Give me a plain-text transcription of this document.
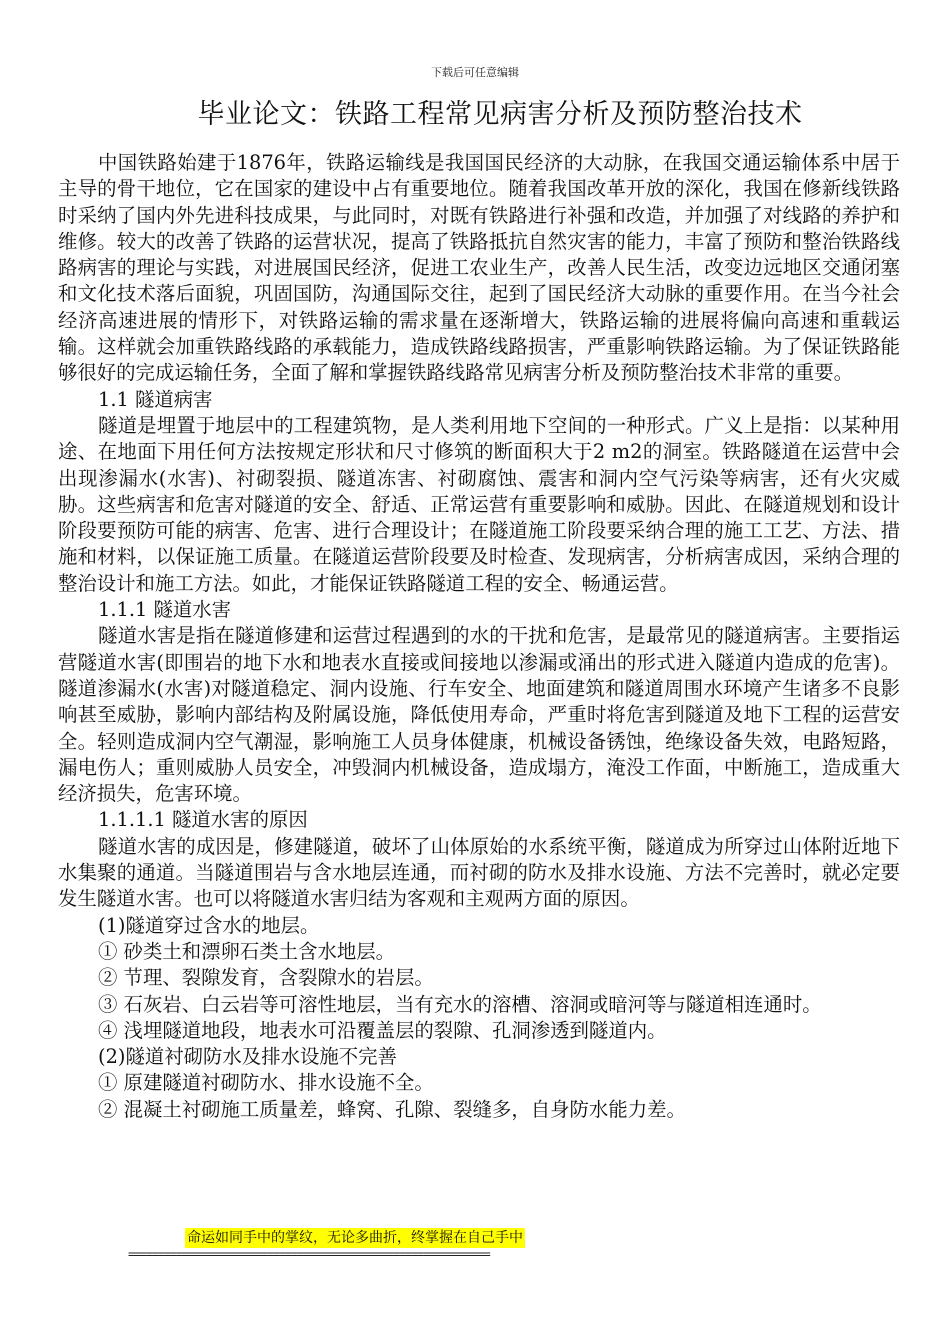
下载后可任意编辑
毕业论文：铁路工程常见病害分析及预防整治技术

中国铁路始建于1876年，铁路运输线是我国国民经济的大动脉，在我国交通运输体系中居于主导的骨干地位，它在国家的建设中占有重要地位。随着我国改革开放的深化，我国在修新线铁路时采纳了国内外先进科技成果，与此同时，对既有铁路进行补强和改造，并加强了对线路的养护和维修。较大的改善了铁路的运营状况，提高了铁路抵抗自然灾害的能力，丰富了预防和整治铁路线路病害的理论与实践，对进展国民经济，促进工农业生产，改善人民生活，改变边远地区交通闭塞和文化技术落后面貌，巩固国防，沟通国际交往，起到了国民经济大动脉的重要作用。在当今社会经济高速进展的情形下，对铁路运输的需求量在逐渐增大，铁路运输的进展将偏向高速和重载运输。这样就会加重铁路线路的承载能力，造成铁路线路损害，严重影响铁路运输。为了保证铁路能够很好的完成运输任务，全面了解和掌握铁路线路常见病害分析及预防整治技术非常的重要。

1.1 隧道病害

隧道是埋置于地层中的工程建筑物，是人类利用地下空间的一种形式。广义上是指：以某种用途、在地面下用任何方法按规定形状和尺寸修筑的断面积大于2 m2的洞室。铁路隧道在运营中会出现渗漏水(水害)、衬砌裂损、隧道冻害、衬砌腐蚀、震害和洞内空气污染等病害，还有火灾威胁。这些病害和危害对隧道的安全、舒适、正常运营有重要影响和威胁。因此、在隧道规划和设计阶段要预防可能的病害、危害、进行合理设计；在隧道施工阶段要采纳合理的施工工艺、方法、措施和材料，以保证施工质量。在隧道运营阶段要及时检查、发现病害，分析病害成因，采纳合理的整治设计和施工方法。如此，才能保证铁路隧道工程的安全、畅通运营。

1.1.1 隧道水害

隧道水害是指在隧道修建和运营过程遇到的水的干扰和危害，是最常见的隧道病害。主要指运营隧道水害(即围岩的地下水和地表水直接或间接地以渗漏或涌出的形式进入隧道内造成的危害)。隧道渗漏水(水害)对隧道稳定、洞内设施、行车安全、地面建筑和隧道周围水环境产生诸多不良影响甚至威胁，影响内部结构及附属设施，降低使用寿命，严重时将危害到隧道及地下工程的运营安全。轻则造成洞内空气潮湿，影响施工人员身体健康，机械设备锈蚀，绝缘设备失效，电路短路，漏电伤人；重则威胁人员安全，冲毁洞内机械设备，造成塌方，淹没工作面，中断施工，造成重大经济损失，危害环境。

1.1.1.1 隧道水害的原因

隧道水害的成因是，修建隧道，破坏了山体原始的水系统平衡，隧道成为所穿过山体附近地下水集聚的通道。当隧道围岩与含水地层连通，而衬砌的防水及排水设施、方法不完善时，就必定要发生隧道水害。也可以将隧道水害归结为客观和主观两方面的原因。

(1)隧道穿过含水的地层。

① 砂类土和漂卵石类土含水地层。

② 节理、裂隙发育，含裂隙水的岩层。

③ 石灰岩、白云岩等可溶性地层，当有充水的溶槽、溶洞或暗河等与隧道相连通时。

④ 浅埋隧道地段，地表水可沿覆盖层的裂隙、孔洞渗透到隧道内。

(2)隧道衬砌防水及排水设施不完善

① 原建隧道衬砌防水、排水设施不全。

② 混凝土衬砌施工质量差，蜂窝、孔隙、裂缝多，自身防水能力差。

命运如同手中的掌纹，无论多曲折，终掌握在自己手中
============================================================
